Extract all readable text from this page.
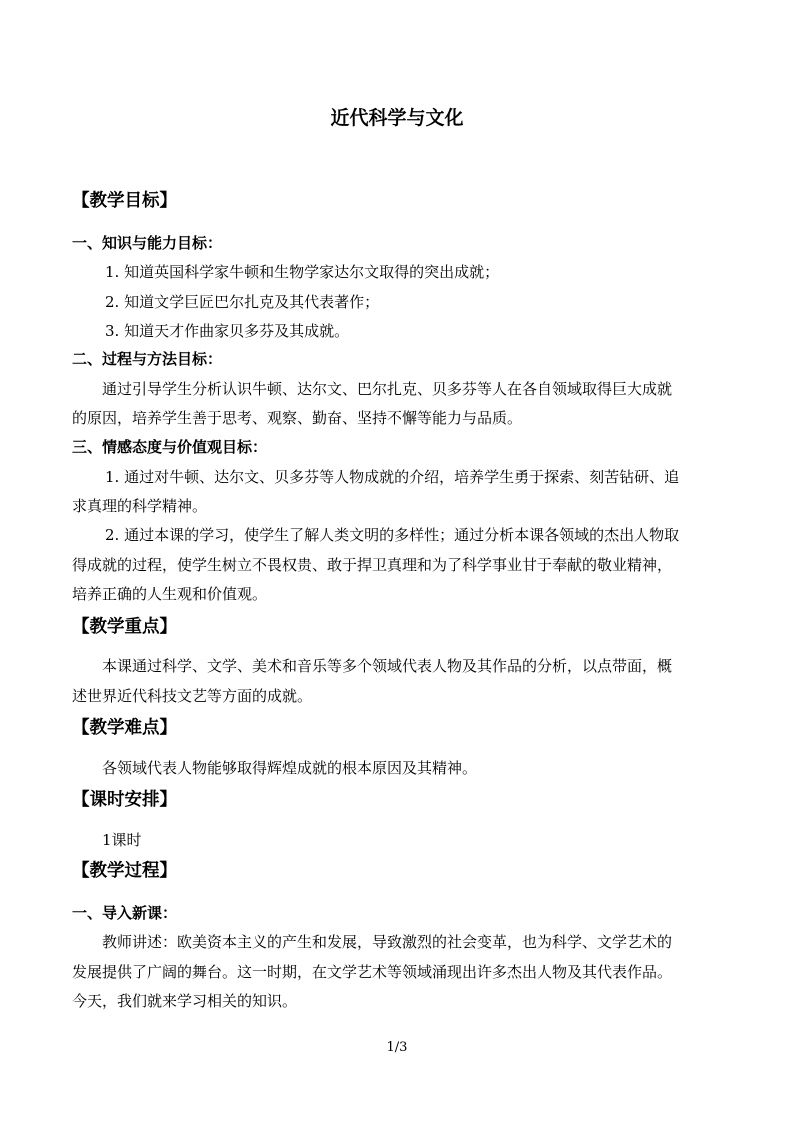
近代科学与文化
【教学目标】
一、知识与能力目标：
1. 知道英国科学家牛顿和生物学家达尔文取得的突出成就；
2. 知道文学巨匠巴尔扎克及其代表著作；
3. 知道天才作曲家贝多芬及其成就。
二、过程与方法目标：
通过引导学生分析认识牛顿、达尔文、巴尔扎克、贝多芬等人在各自领域取得巨大成就
的原因，培养学生善于思考、观察、勤奋、坚持不懈等能力与品质。
三、情感态度与价值观目标：
1. 通过对牛顿、达尔文、贝多芬等人物成就的介绍，培养学生勇于探索、刻苦钻研、追
求真理的科学精神。
2. 通过本课的学习，使学生了解人类文明的多样性；通过分析本课各领域的杰出人物取
得成就的过程，使学生树立不畏权贵、敢于捍卫真理和为了科学事业甘于奉献的敬业精神，
培养正确的人生观和价值观。
【教学重点】
本课通过科学、文学、美术和音乐等多个领域代表人物及其作品的分析，以点带面，概
述世界近代科技文艺等方面的成就。
【教学难点】
各领域代表人物能够取得辉煌成就的根本原因及其精神。
【课时安排】
1课时
【教学过程】
一、导入新课：
教师讲述：欧美资本主义的产生和发展，导致激烈的社会变革，也为科学、文学艺术的
发展提供了广阔的舞台。这一时期，在文学艺术等领域涌现出许多杰出人物及其代表作品。
今天，我们就来学习相关的知识。
1/3
